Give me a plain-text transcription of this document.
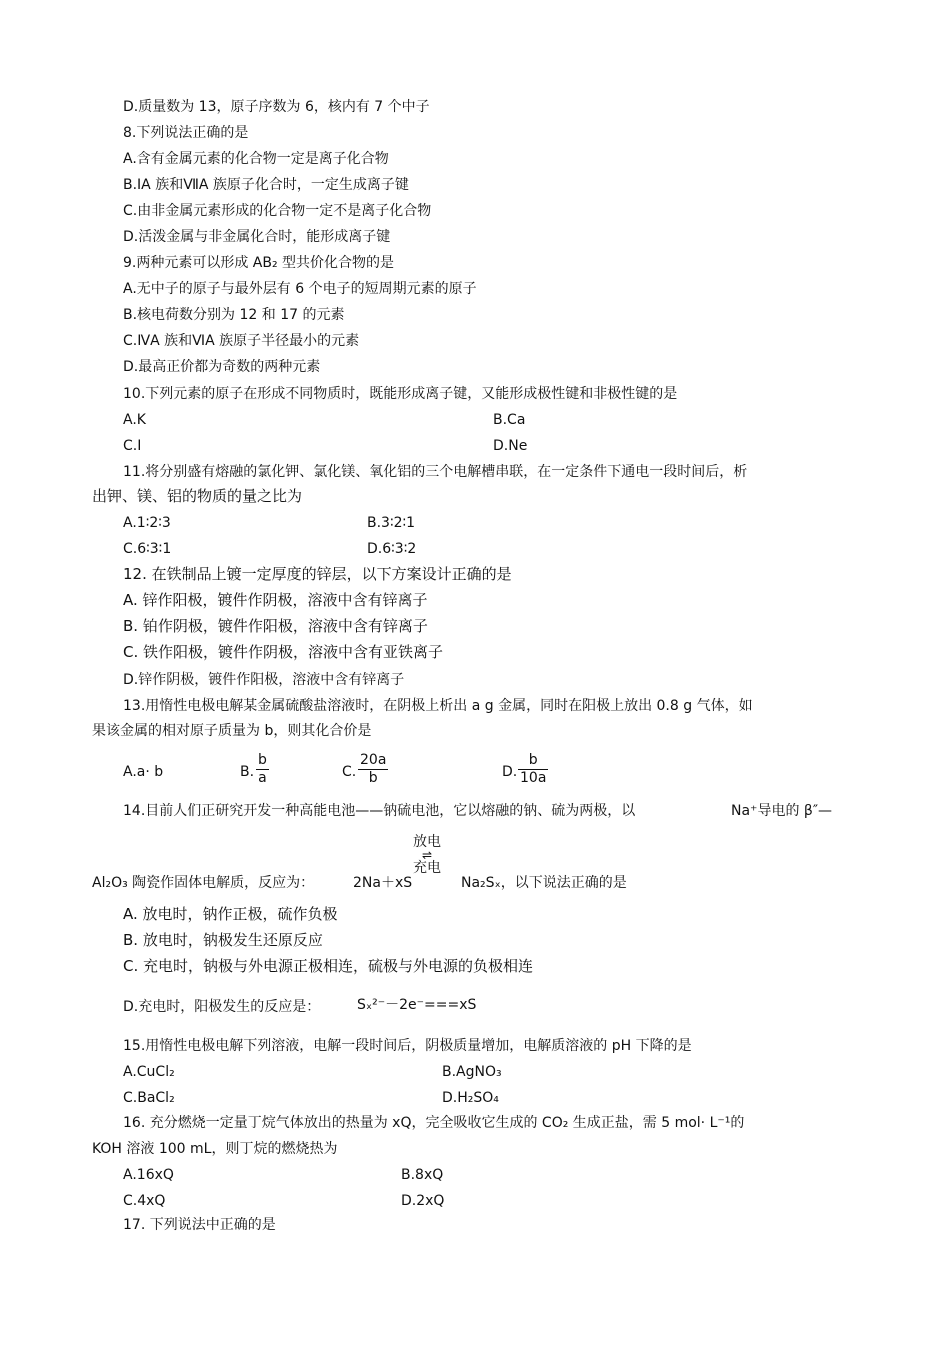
D.质量数为 13，原子序数为 6，核内有 7 个中子
8.下列说法正确的是
A.含有金属元素的化合物一定是离子化合物
B.ⅠA 族和ⅦA 族原子化合时，一定生成离子键
C.由非金属元素形成的化合物一定不是离子化合物
D.活泼金属与非金属化合时，能形成离子键
9.两种元素可以形成 AB₂ 型共价化合物的是
A.无中子的原子与最外层有 6 个电子的短周期元素的原子
B.核电荷数分别为 12 和 17 的元素
C.ⅣA 族和ⅥA 族原子半径最小的元素
D.最高正价都为奇数的两种元素
10.下列元素的原子在形成不同物质时，既能形成离子键，又能形成极性键和非极性键的是
A.K	B.Ca
C.I	D.Ne
11.将分别盛有熔融的氯化钾、氯化镁、氧化铝的三个电解槽串联，在一定条件下通电一段时间后，析
出钾、镁、铝的物质的量之比为
A.1∶2∶3	B.3∶2∶1
C.6∶3∶1	D.6∶3∶2
12. 在铁制品上镀一定厚度的锌层，以下方案设计正确的是
A. 锌作阳极，镀件作阴极，溶液中含有锌离子
B. 铂作阴极，镀件作阳极，溶液中含有锌离子
C. 铁作阳极，镀件作阴极，溶液中含有亚铁离子
D.锌作阴极，镀件作阳极，溶液中含有锌离子
13.用惰性电极电解某金属硫酸盐溶液时，在阴极上析出 a g 金属，同时在阳极上放出 0.8 g 气体，如
果该金属的相对原子质量为 b，则其化合价是
A.a· b	B. $\frac{b}{a}$	C. $\frac{20a}{b}$	D. $\frac{b}{10a}$
14.目前人们正研究开发一种高能电池——钠硫电池，它以熔融的钠、硫为两极，以	Na⁺导电的 β″—
放电
⇌
充电
Al₂O₃ 陶瓷作固体电解质，反应为：	2Na＋xS	Na₂Sₓ，以下说法正确的是
A. 放电时，钠作正极，硫作负极
B. 放电时，钠极发生还原反应
C. 充电时，钠极与外电源正极相连，硫极与外电源的负极相连
D.充电时，阳极发生的反应是：	Sₓ²⁻－2e⁻===xS
15.用惰性电极电解下列溶液，电解一段时间后，阴极质量增加，电解质溶液的 pH 下降的是
A.CuCl₂	B.AgNO₃
C.BaCl₂	D.H₂SO₄
16. 充分燃烧一定量丁烷气体放出的热量为 xQ，完全吸收它生成的 CO₂ 生成正盐，需 5 mol· L⁻¹的
KOH 溶液 100 mL，则丁烷的燃烧热为
A.16xQ	B.8xQ
C.4xQ	D.2xQ
17. 下列说法中正确的是
